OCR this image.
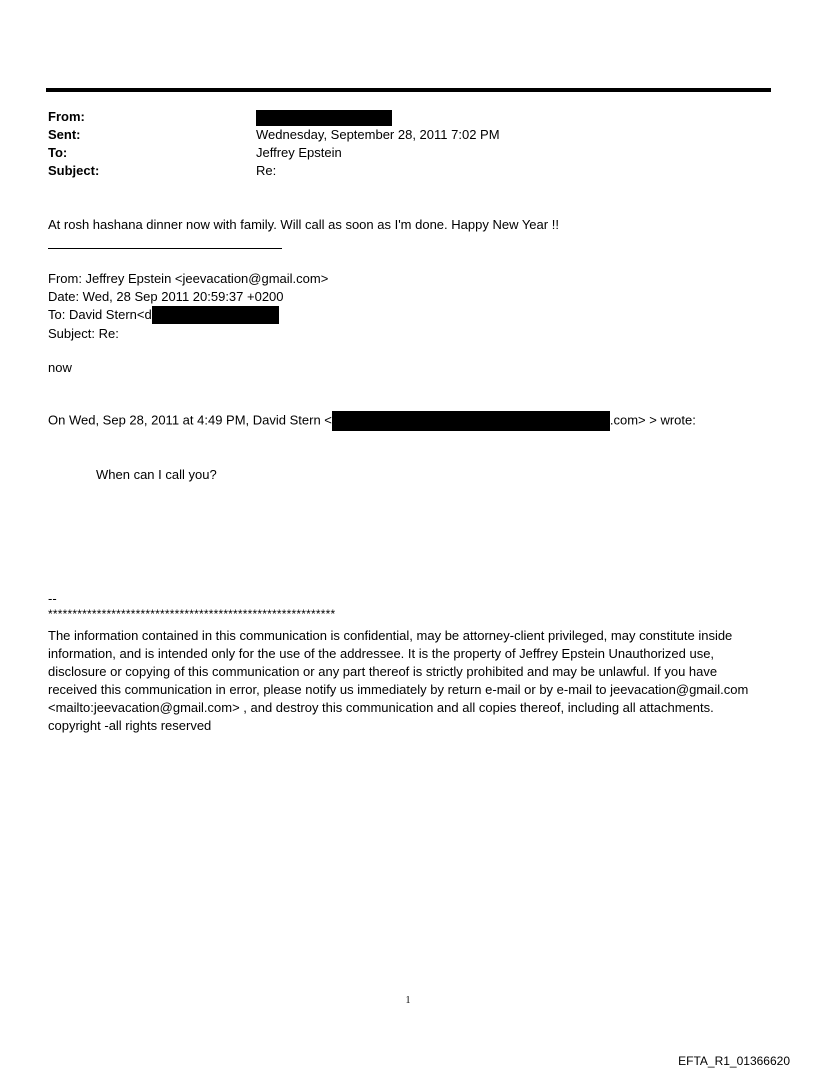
From:
Sent:	Wednesday, September 28, 2011 7:02 PM
To:	Jeffrey Epstein
Subject:	Re:
At rosh hashana dinner now with family. Will call as soon as I'm done. Happy New Year !!
From: Jeffrey Epstein <jeevacation@gmail.com>
Date: Wed, 28 Sep 2011 20:59:37 +0200
To: David Stern<d
Subject: Re:
now
On Wed, Sep 28, 2011 at 4:49 PM, David Stern <	.com> > wrote:
When can I call you?
--
***********************************************************
The information contained in this communication is confidential, may be attorney-client privileged, may constitute inside information, and is intended only for the use of the addressee. It is the property of Jeffrey Epstein Unauthorized use, disclosure or copying of this communication or any part thereof is strictly prohibited and may be unlawful. If you have received this communication in error, please notify us immediately by return e-mail or by e-mail to jeevacation@gmail.com <mailto:jeevacation@gmail.com> , and destroy this communication and all copies thereof, including all attachments. copyright -all rights reserved
1
EFTA_R1_01366620
